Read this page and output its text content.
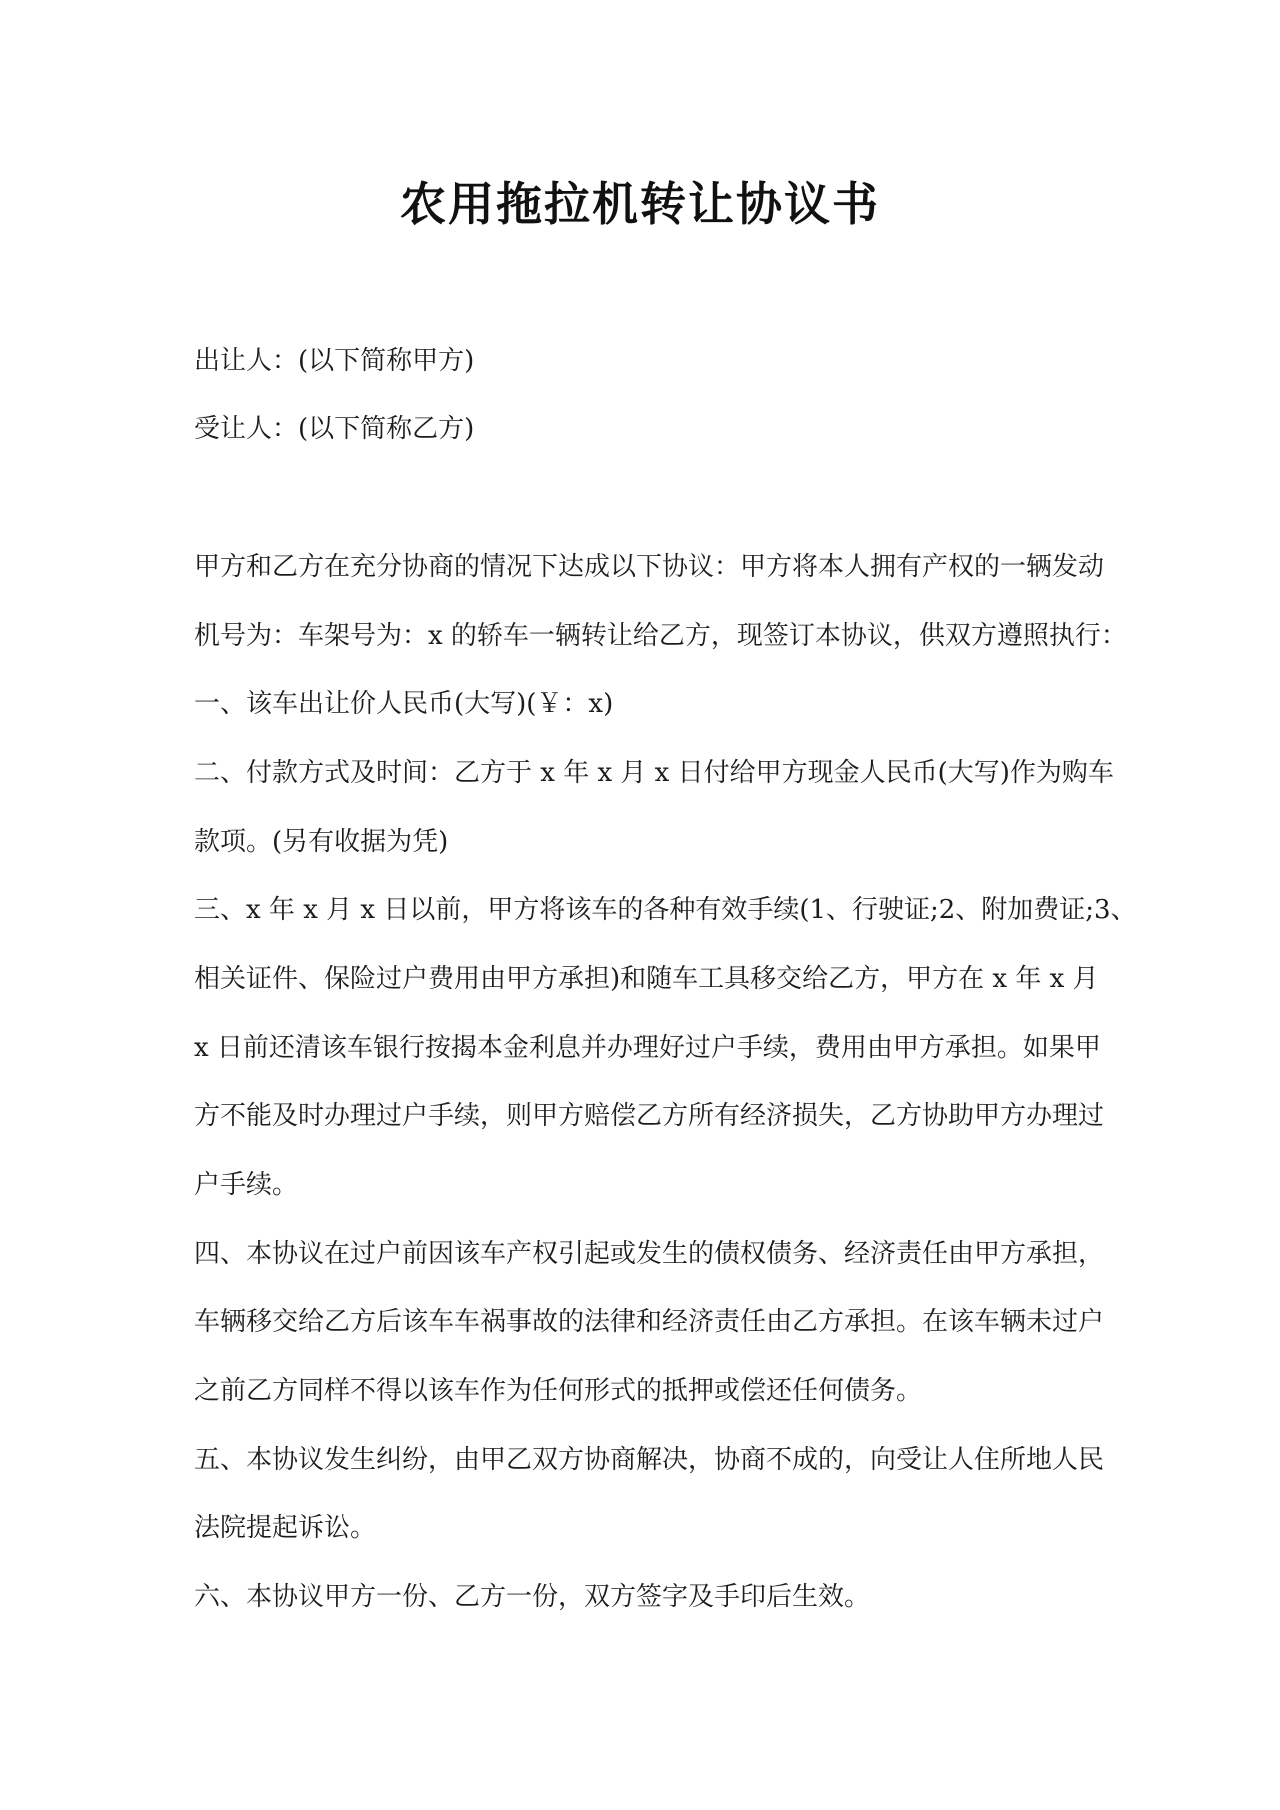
农用拖拉机转让协议书
出让人：(以下简称甲方)
受让人：(以下简称乙方)
甲方和乙方在充分协商的情况下达成以下协议：甲方将本人拥有产权的一辆发动
机号为：车架号为：x 的轿车一辆转让给乙方，现签订本协议，供双方遵照执行：
一、该车出让价人民币(大写)(￥：x)
二、付款方式及时间：乙方于 x 年 x 月 x 日付给甲方现金人民币(大写)作为购车
款项。(另有收据为凭)
三、x 年 x 月 x 日以前，甲方将该车的各种有效手续(1、行驶证;2、附加费证;3、
相关证件、保险过户费用由甲方承担)和随车工具移交给乙方，甲方在 x 年 x 月
x 日前还清该车银行按揭本金利息并办理好过户手续，费用由甲方承担。如果甲
方不能及时办理过户手续，则甲方赔偿乙方所有经济损失，乙方协助甲方办理过
户手续。
四、本协议在过户前因该车产权引起或发生的债权债务、经济责任由甲方承担，
车辆移交给乙方后该车车祸事故的法律和经济责任由乙方承担。在该车辆未过户
之前乙方同样不得以该车作为任何形式的抵押或偿还任何债务。
五、本协议发生纠纷，由甲乙双方协商解决，协商不成的，向受让人住所地人民
法院提起诉讼。
六、本协议甲方一份、乙方一份，双方签字及手印后生效。
